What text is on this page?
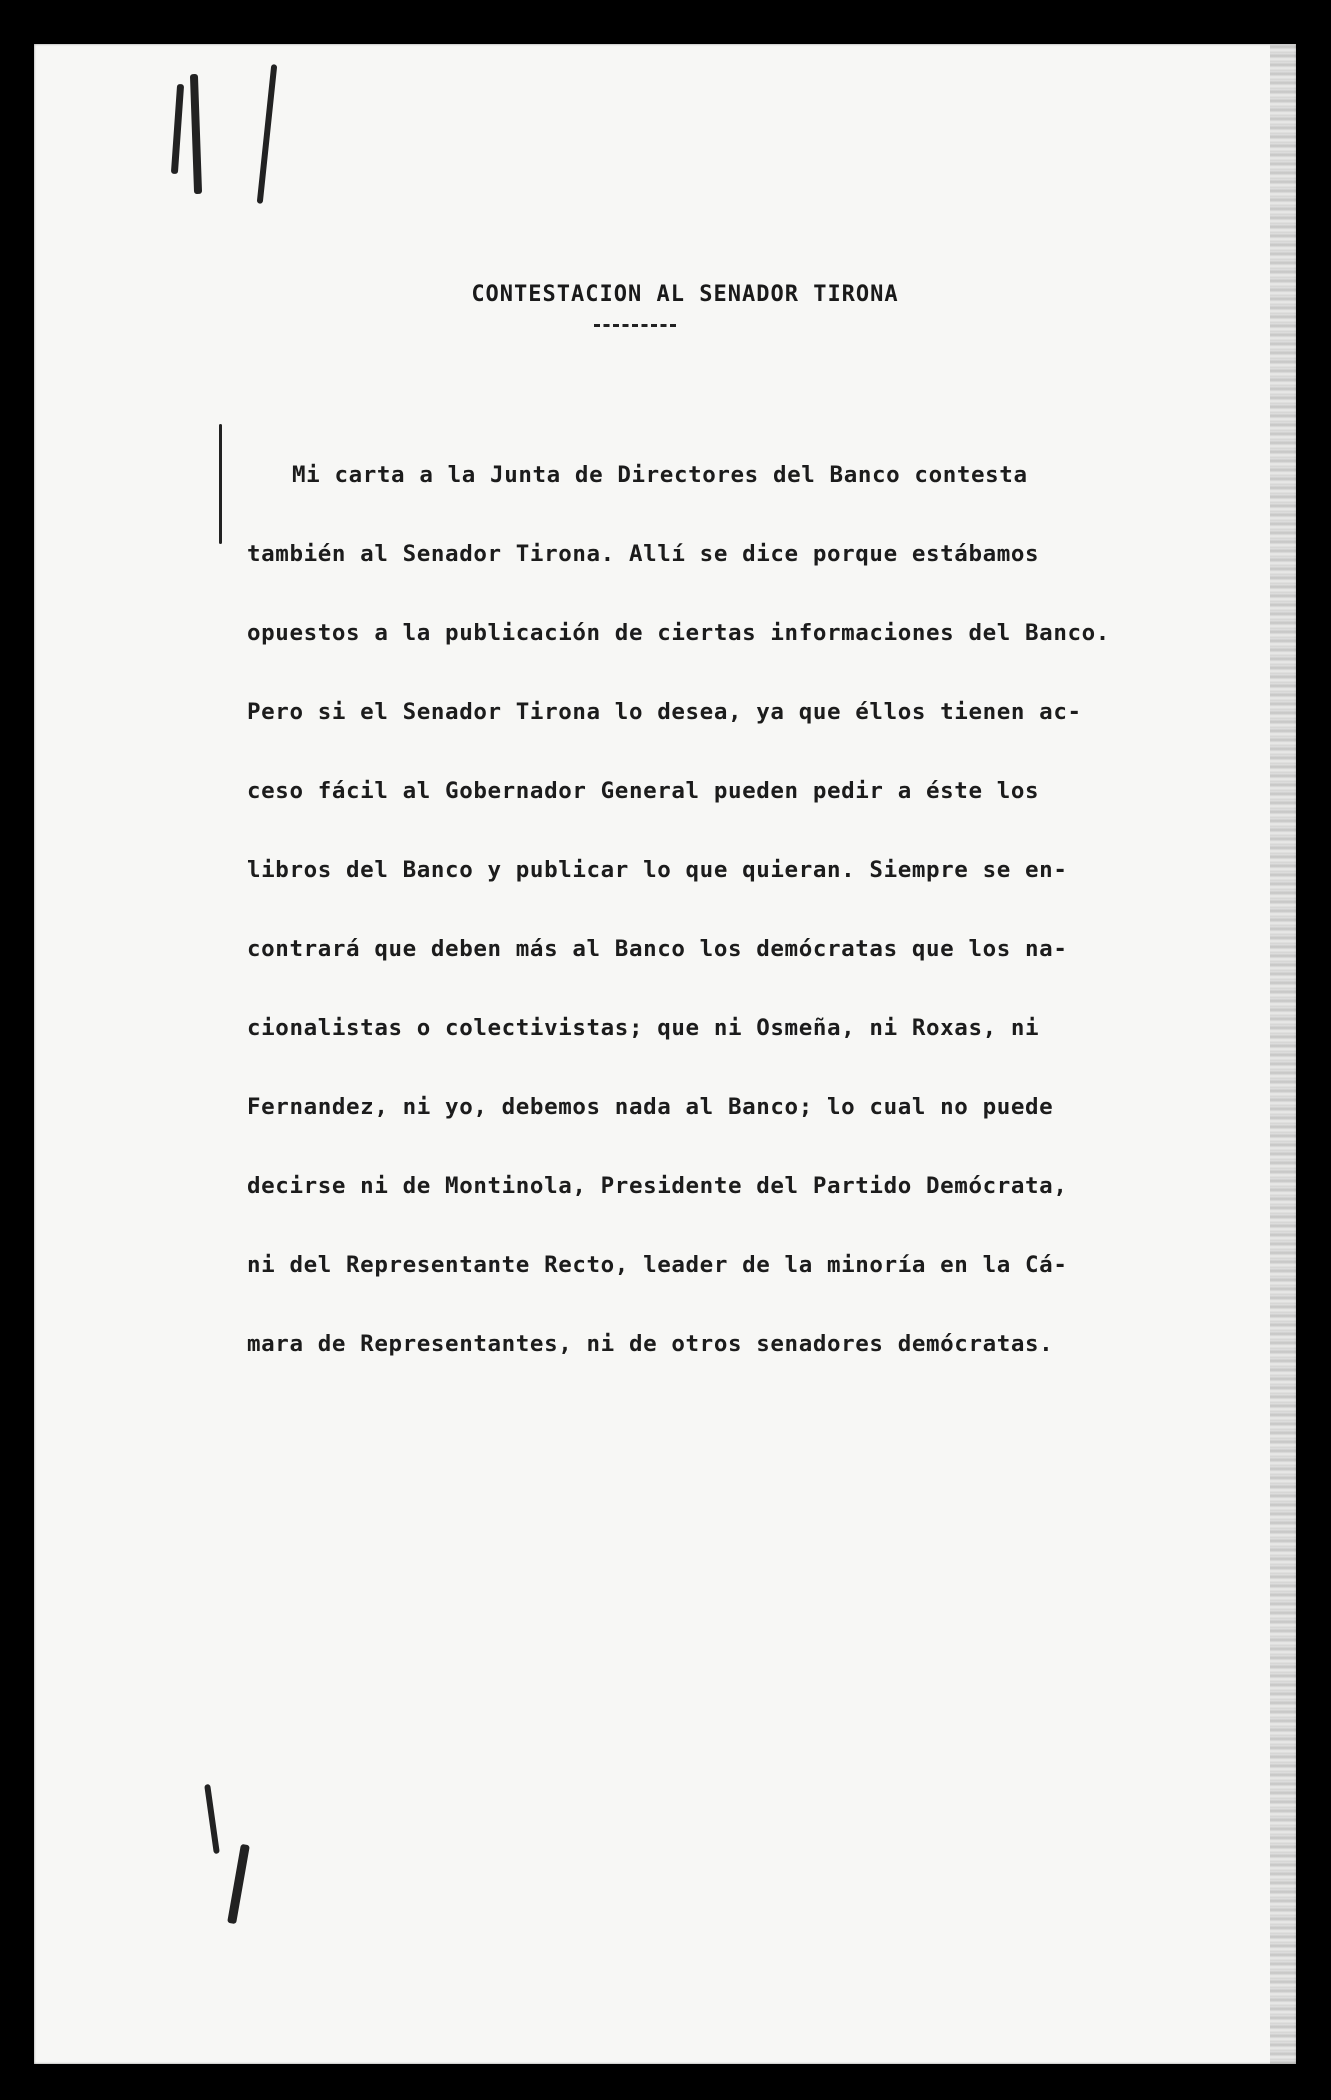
CONTESTACION AL SENADOR TIRONA
Mi carta a la Junta de Directores del Banco contesta
también al Senador Tirona. Allí se dice porque estábamos
opuestos a la publicación de ciertas informaciones del Banco.
Pero si el Senador Tirona lo desea, ya que éllos tienen ac-
ceso fácil al Gobernador General pueden pedir a éste los
libros del Banco y publicar lo que quieran. Siempre se en-
contrará que deben más al Banco los demócratas que los na-
cionalistas o colectivistas; que ni Osmeña, ni Roxas, ni
Fernandez, ni yo, debemos nada al Banco; lo cual no puede
decirse ni de Montinola, Presidente del Partido Demócrata,
ni del Representante Recto, leader de la minoría en la Cá-
mara de Representantes, ni de otros senadores demócratas.
